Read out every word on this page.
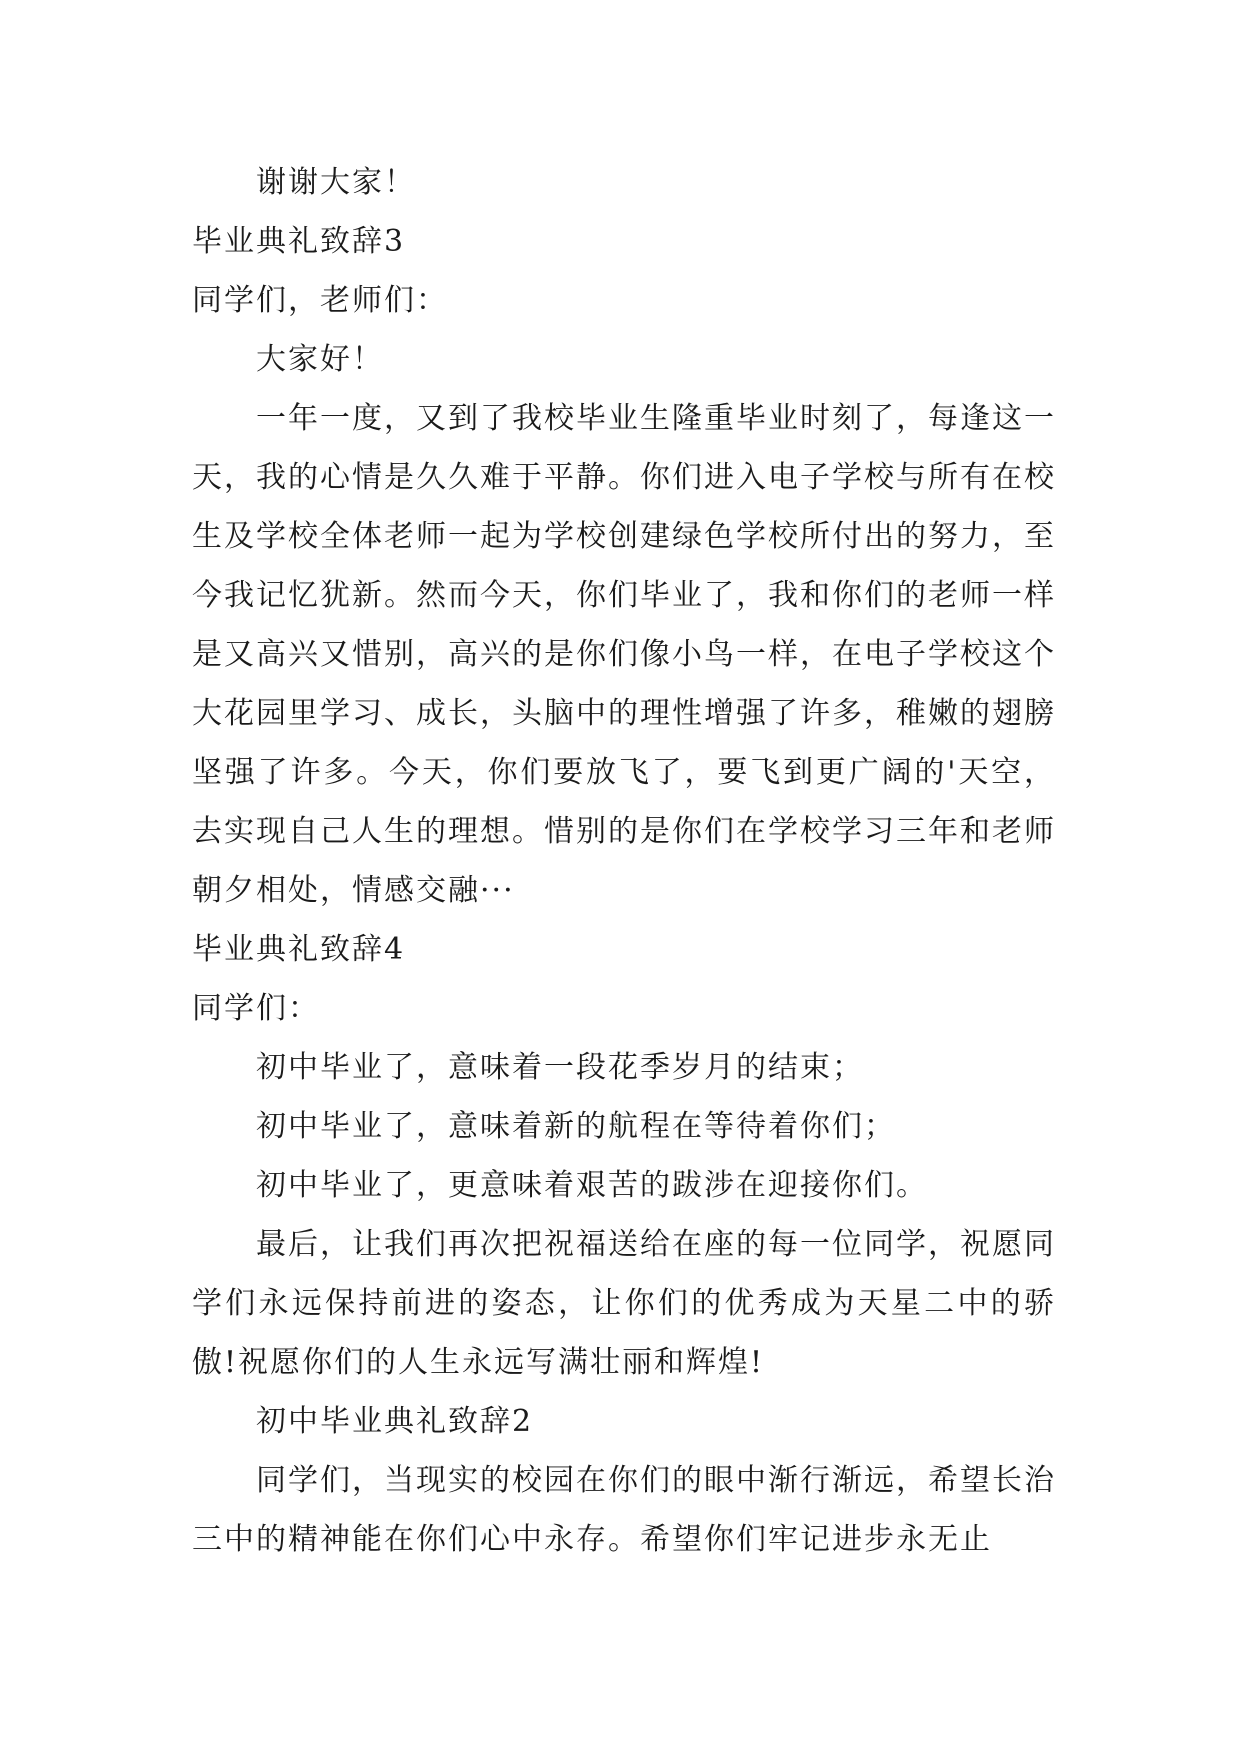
谢谢大家！

毕业典礼致辞3

同学们，老师们：

大家好！

一年一度，又到了我校毕业生隆重毕业时刻了，每逢这一天，我的心情是久久难于平静。你们进入电子学校与所有在校生及学校全体老师一起为学校创建绿色学校所付出的努力，至今我记忆犹新。然而今天，你们毕业了，我和你们的老师一样是又高兴又惜别，高兴的是你们像小鸟一样，在电子学校这个大花园里学习、成长，头脑中的理性增强了许多，稚嫩的翅膀坚强了许多。今天，你们要放飞了，要飞到更广阔的'天空，去实现自己人生的理想。惜别的是你们在学校学习三年和老师朝夕相处，情感交融···

毕业典礼致辞4

同学们：

初中毕业了，意味着一段花季岁月的结束；

初中毕业了，意味着新的航程在等待着你们；

初中毕业了，更意味着艰苦的跋涉在迎接你们。

最后，让我们再次把祝福送给在座的每一位同学，祝愿同学们永远保持前进的姿态，让你们的优秀成为天星二中的骄傲!祝愿你们的人生永远写满壮丽和辉煌!

初中毕业典礼致辞2

同学们，当现实的校园在你们的眼中渐行渐远，希望长治三中的精神能在你们心中永存。希望你们牢记进步永无止
